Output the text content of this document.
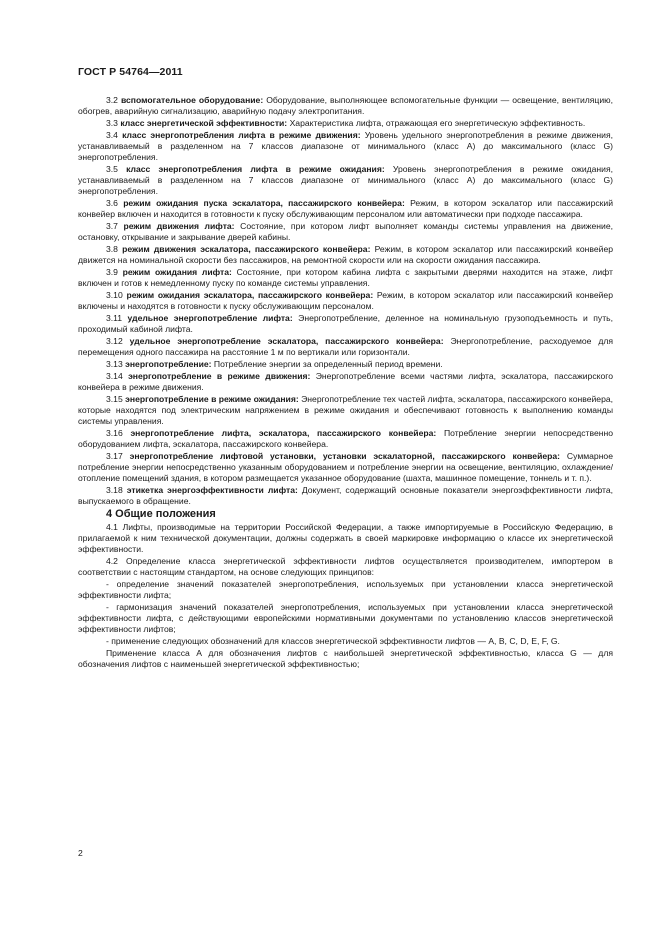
ГОСТ Р 54764—2011

3.2 вспомогательное оборудование: Оборудование, выполняющее вспомогательные функции — освещение, вентиляцию, обогрев, аварийную сигнализацию, аварийную подачу электропитания.

3.3 класс энергетической эффективности: Характеристика лифта, отражающая его энергетическую эффективность.

3.4 класс энергопотребления лифта в режиме движения: Уровень удельного энергопотребления в режиме движения, устанавливаемый в разделенном на 7 классов диапазоне от минимального (класс А) до максимального (класс G) энергопотребления.

3.5 класс энергопотребления лифта в режиме ожидания: Уровень энергопотребления в режиме ожидания, устанавливаемый в разделенном на 7 классов диапазоне от минимального (класс А) до максимального (класс G) энергопотребления.

3.6 режим ожидания пуска эскалатора, пассажирского конвейера: Режим, в котором эскалатор или пассажирский конвейер включен и находится в готовности к пуску обслуживающим персоналом или автоматически при подходе пассажира.

3.7 режим движения лифта: Состояние, при котором лифт выполняет команды системы управления на движение, остановку, открывание и закрывание дверей кабины.

3.8 режим движения эскалатора, пассажирского конвейера: Режим, в котором эскалатор или пассажирский конвейер движется на номинальной скорости без пассажиров, на ремонтной скорости или на скорости ожидания пассажира.

3.9 режим ожидания лифта: Состояние, при котором кабина лифта с закрытыми дверями находится на этаже, лифт включен и готов к немедленному пуску по команде системы управления.

3.10 режим ожидания эскалатора, пассажирского конвейера: Режим, в котором эскалатор или пассажирский конвейер включены и находятся в готовности к пуску обслуживающим персоналом.

3.11 удельное энергопотребление лифта: Энергопотребление, деленное на номинальную грузоподъемность и путь, проходимый кабиной лифта.

3.12 удельное энергопотребление эскалатора, пассажирского конвейера: Энергопотребление, расходуемое для перемещения одного пассажира на расстояние 1 м по вертикали или горизонтали.

3.13 энергопотребление: Потребление энергии за определенный период времени.

3.14 энергопотребление в режиме движения: Энергопотребление всеми частями лифта, эскалатора, пассажирского конвейера в режиме движения.

3.15 энергопотребление в режиме ожидания: Энергопотребление тех частей лифта, эскалатора, пассажирского конвейера, которые находятся под электрическим напряжением в режиме ожидания и обеспечивают готовность к выполнению команды системы управления.

3.16 энергопотребление лифта, эскалатора, пассажирского конвейера: Потребление энергии непосредственно оборудованием лифта, эскалатора, пассажирского конвейера.

3.17 энергопотребление лифтовой установки, установки эскалаторной, пассажирского конвейера: Суммарное потребление энергии непосредственно указанным оборудованием и потребление энергии на освещение, вентиляцию, охлаждение/отопление помещений здания, в котором размещается указанное оборудование (шахта, машинное помещение, тоннель и т. п.).

3.18 этикетка энергоэффективности лифта: Документ, содержащий основные показатели энергоэффективности лифта, выпускаемого в обращение.

4 Общие положения

4.1 Лифты, производимые на территории Российской Федерации, а также импортируемые в Российскую Федерацию, в прилагаемой к ним технической документации, должны содержать в своей маркировке информацию о классе их энергетической эффективности.

4.2 Определение класса энергетической эффективности лифтов осуществляется производителем, импортером в соответствии с настоящим стандартом, на основе следующих принципов:

- определение значений показателей энергопотребления, используемых при установлении класса энергетической эффективности лифта;

- гармонизация значений показателей энергопотребления, используемых при установлении класса энергетической эффективности лифта, с действующими европейскими нормативными документами по установлению классов энергетической эффективности лифтов;

- применение следующих обозначений для классов энергетической эффективности лифтов — А, В, С, D, Е, F, G.

Применение класса А для обозначения лифтов с наибольшей энергетической эффективностью, класса G — для обозначения лифтов с наименьшей энергетической эффективностью;

2
